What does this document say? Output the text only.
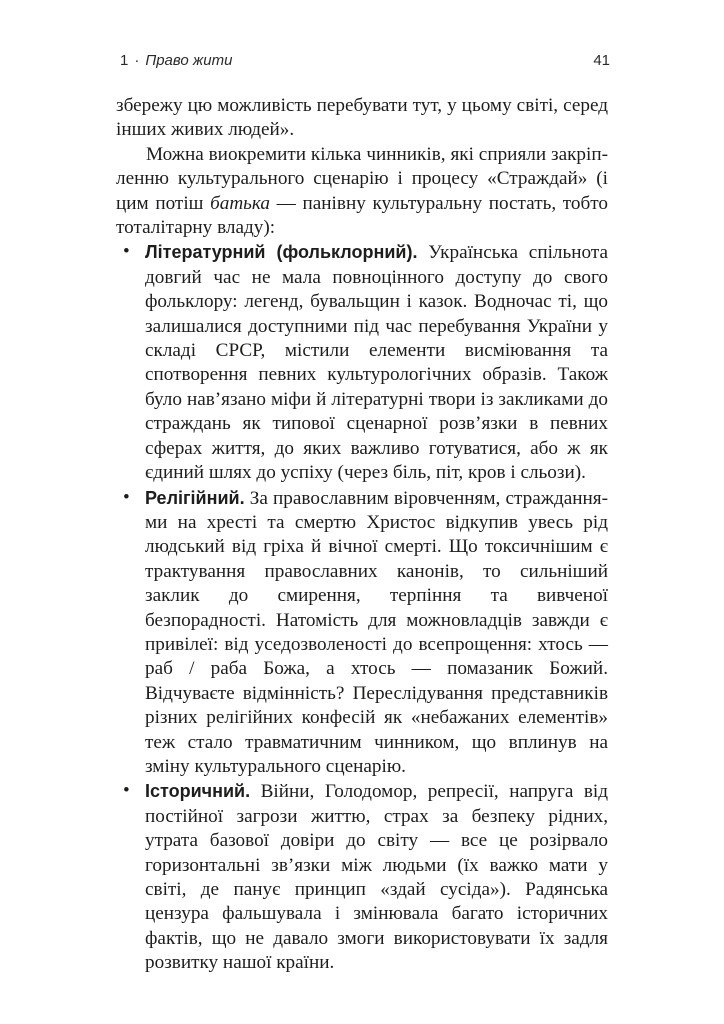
1 · Право жити	41

збережу цю можливість перебувати тут, у цьому світі, серед інших живих людей».

Можна виокремити кілька чинників, які сприяли закріпленню культурального сценарію і процесу «Страждай» (і цим потіш батька — панівну культуральну постать, тобто тоталітарну владу):

• Літературний (фольклорний). Українська спільнота довгий час не мала повноцінного доступу до свого фольклору: легенд, бувальщин і казок. Водночас ті, що залишалися доступними під час перебування України у складі СРСР, містили елементи висміювання та спотворення певних культурологічних образів. Також було нав’язано міфи й літературні твори із закликами до страждань як типової сценарної розв’язки в певних сферах життя, до яких важливо готуватися, або ж як єдиний шлях до успіху (через біль, піт, кров і сльози).
• Релігійний. За православним віровченням, стражданнями на хресті та смертю Христос відкупив увесь рід людський від гріха й вічної смерті. Що токсичнішим є трактування православних канонів, то сильніший заклик до смирення, терпіння та вивченої безпорадності. Натомість для можновладців завжди є привілеї: від уседозволеності до всепрощення: хтось — раб / раба Божа, а хтось — помазаник Божий. Відчуваєте відмінність? Переслідування представників різних релігійних конфесій як «небажаних елементів» теж стало травматичним чинником, що вплинув на зміну культурального сценарію.
• Історичний. Війни, Голодомор, репресії, напруга від постійної загрози життю, страх за безпеку рідних, утрата базової довіри до світу — все це розірвало горизонтальні зв’язки між людьми (їх важко мати у світі, де панує принцип «здай сусіда»). Радянська цензура фальшувала і змінювала багато історичних фактів, що не давало змоги використовувати їх задля розвитку нашої країни.
